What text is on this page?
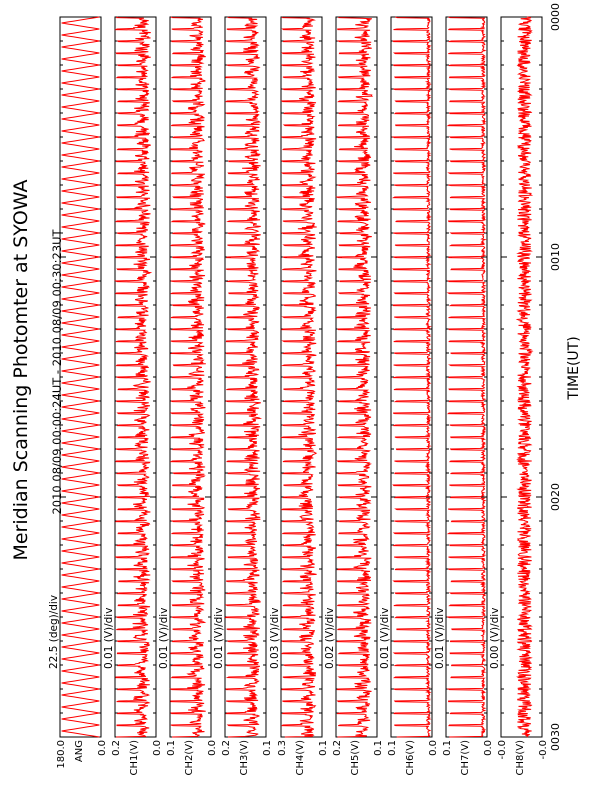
Meridian Scanning Photomter at SYOWA 2010 08/09 00:00:24UT - 2010 08/09 00:30:23UT	TIME(UT)
22.5 (deg)/div
180.0 ANG 0.0
0.01 (V)/div
0.2 CH1(V) 0.0
0.01 (V)/div
0.1 CH2(V) 0.0
0.01 (V)/div
0.2 CH3(V) 0.1
0.03 (V)/div
0.3 CH4(V) 0.1
0.02 (V)/div
0.2 CH5(V) 0.1
0.01 (V)/div
0.1 CH6(V) 0.0
0.01 (V)/div
0.1 CH7(V) 0.0
0.00 (V)/div
-0.0 CH8(V) -0.0
0000
0010
0020
0030
